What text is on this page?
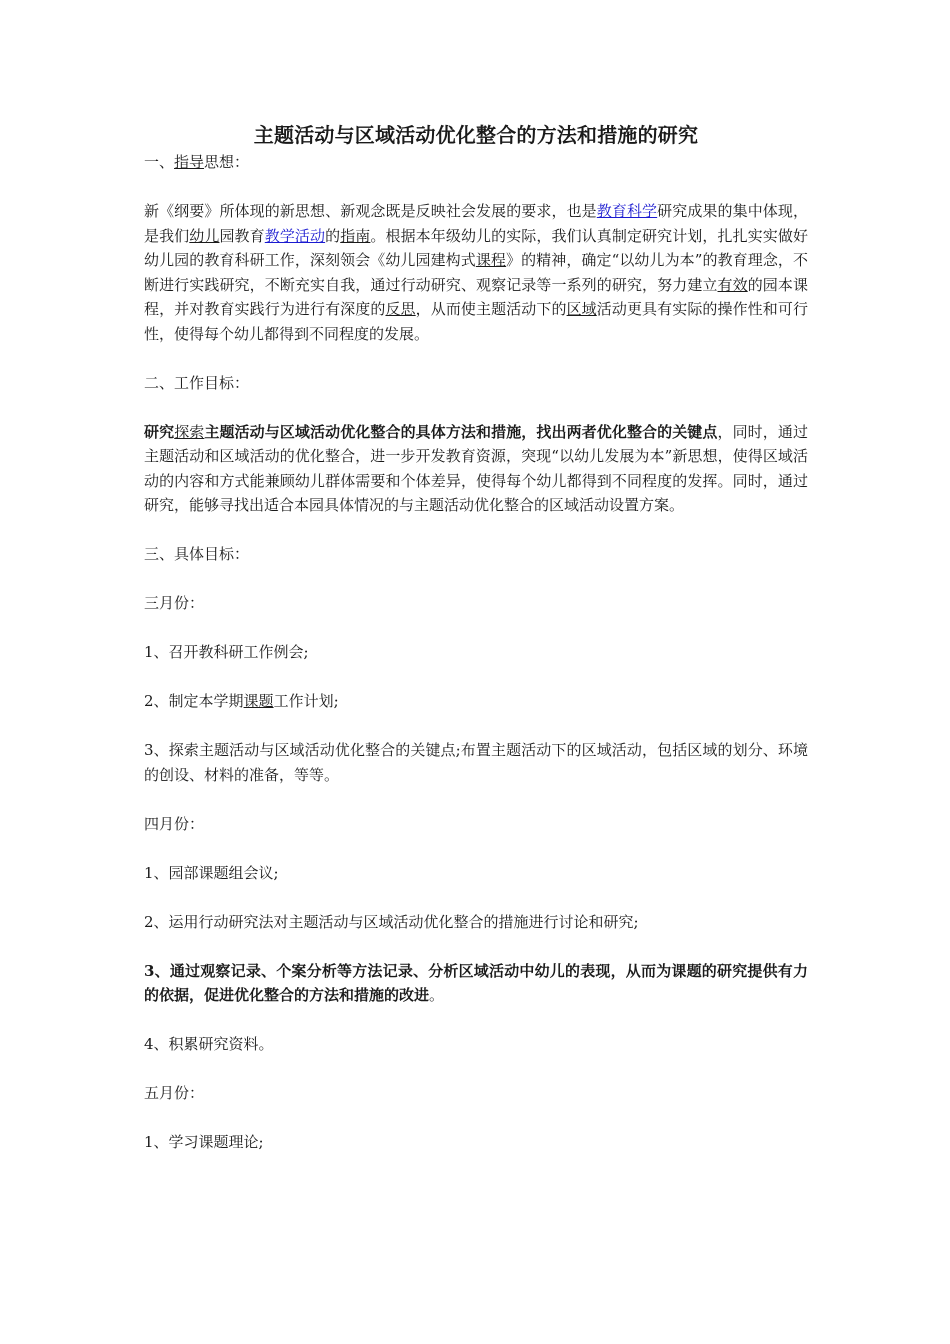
主题活动与区域活动优化整合的方法和措施的研究

一、指导思想：

新《纲要》所体现的新思想、新观念既是反映社会发展的要求，也是教育科学研究成果的集中体现，是我们幼儿园教育教学活动的指南。根据本年级幼儿的实际，我们认真制定研究计划，扎扎实实做好幼儿园的教育科研工作，深刻领会《幼儿园建构式课程》的精神，确定“以幼儿为本”的教育理念，不断进行实践研究，不断充实自我，通过行动研究、观察记录等一系列的研究，努力建立有效的园本课程，并对教育实践行为进行有深度的反思，从而使主题活动下的区域活动更具有实际的操作性和可行性，使得每个幼儿都得到不同程度的发展。

二、工作目标：

研究探索主题活动与区域活动优化整合的具体方法和措施，找出两者优化整合的关键点，同时，通过主题活动和区域活动的优化整合，进一步开发教育资源，突现“以幼儿发展为本”新思想，使得区域活动的内容和方式能兼顾幼儿群体需要和个体差异，使得每个幼儿都得到不同程度的发挥。同时，通过研究，能够寻找出适合本园具体情况的与主题活动优化整合的区域活动设置方案。

三、具体目标：

三月份：

1、召开教科研工作例会;

2、制定本学期课题工作计划;

3、探索主题活动与区域活动优化整合的关键点;布置主题活动下的区域活动，包括区域的划分、环境的创设、材料的准备，等等。

四月份：

1、园部课题组会议;

2、运用行动研究法对主题活动与区域活动优化整合的措施进行讨论和研究;

3、通过观察记录、个案分析等方法记录、分析区域活动中幼儿的表现，从而为课题的研究提供有力的依据，促进优化整合的方法和措施的改进。

4、积累研究资料。

五月份：

1、学习课题理论;
